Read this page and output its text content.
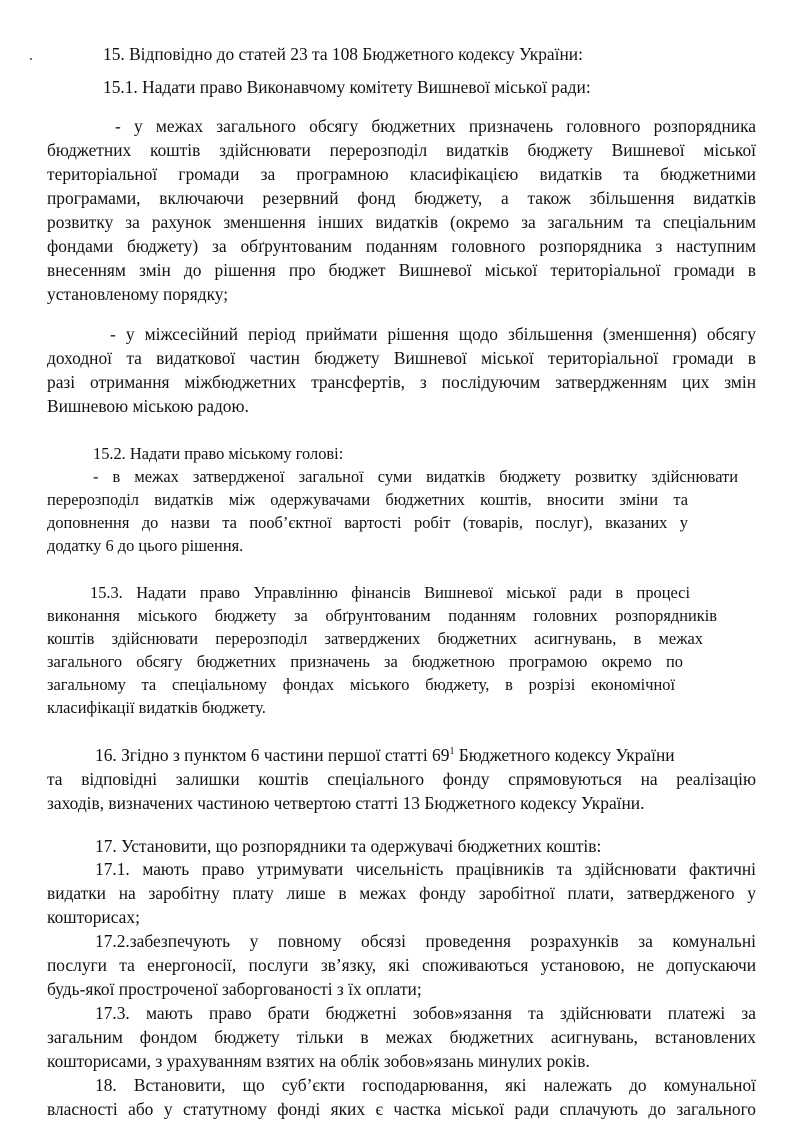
15. Відповідно до статей 23 та 108 Бюджетного кодексу України:
15.1. Надати право Виконавчому комітету Вишневої міської ради:
- у межах загального обсягу бюджетних призначень головного розпорядника
бюджетних коштів здійснювати перерозподіл видатків бюджету Вишневої міської
територіальної громади за програмною класифікацією видатків та бюджетними
програмами, включаючи резервний фонд бюджету, а також збільшення видатків
розвитку за рахунок зменшення інших видатків (окремо за загальним та спеціальним
фондами бюджету) за обґрунтованим поданням головного розпорядника з наступним
внесенням змін до рішення про бюджет Вишневої міської територіальної громади в
установленому порядку;
- у міжсесійний період приймати рішення щодо збільшення (зменшення) обсягу
доходної та видаткової частин бюджету Вишневої міської територіальної громади в
разі отримання міжбюджетних трансфертів, з послідуючим затвердженням цих змін
Вишневою міською радою.
15.2. Надати право міському голові:
- в межах затвердженої загальної суми видатків бюджету розвитку здійснювати
перерозподіл видатків між одержувачами бюджетних коштів, вносити зміни та
доповнення до назви та пооб’єктної вартості робіт (товарів, послуг), вказаних у
додатку 6 до цього рішення.
15.3. Надати право Управлінню фінансів Вишневої міської ради в процесі
виконання міського бюджету за обґрунтованим поданням головних розпорядників
коштів здійснювати перерозподіл затверджених бюджетних асигнувань, в межах
загального обсягу бюджетних призначень за бюджетною програмою окремо по
загальному та спеціальному фондах міського бюджету, в розрізі економічної
класифікації видатків бюджету.
16. Згідно з пунктом 6 частини першої статті $69^1$ Бюджетного кодексу України
та відповідні залишки коштів спеціального фонду спрямовуються на реалізацію
заходів, визначених частиною четвертою статті 13 Бюджетного кодексу України.
17. Установити, що розпорядники та одержувачі бюджетних коштів:
17.1. мають право утримувати чисельність працівників та здійснювати фактичні
видатки на заробітну плату лише в межах фонду заробітної плати, затвердженого у
кошторисах;
17.2.забезпечують у повному обсязі проведення розрахунків за комунальні
послуги та енергоносії, послуги зв’язку, які споживаються установою, не допускаючи
будь-якої простроченої заборгованості з їх оплати;
17.3. мають право брати бюджетні зобов»язання та здійснювати платежі за
загальним фондом бюджету тільки в межах бюджетних асигнувань, встановлених
кошторисами, з урахуванням взятих на облік зобов»язань минулих років.
18. Встановити, що суб’єкти господарювання, які належать до комунальної
власності або у статутному фонді яких є частка міської ради сплачують до загального
